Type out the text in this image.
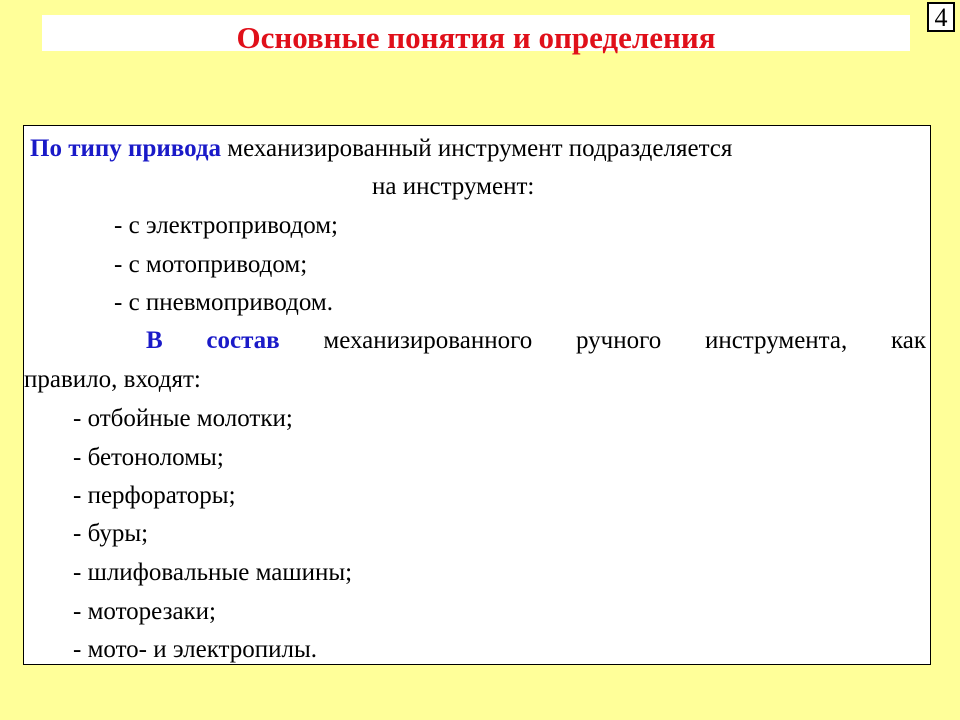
Основные понятия и определения
4
По типу привода механизированный инструмент подразделяется
на инструмент:
- с электроприводом;
- с мотоприводом;
- с пневмоприводом.
В состав механизированного ручного инструмента, как
правило, входят:
- отбойные молотки;
- бетоноломы;
- перфораторы;
- буры;
- шлифовальные машины;
- моторезаки;
- мото- и электропилы.
